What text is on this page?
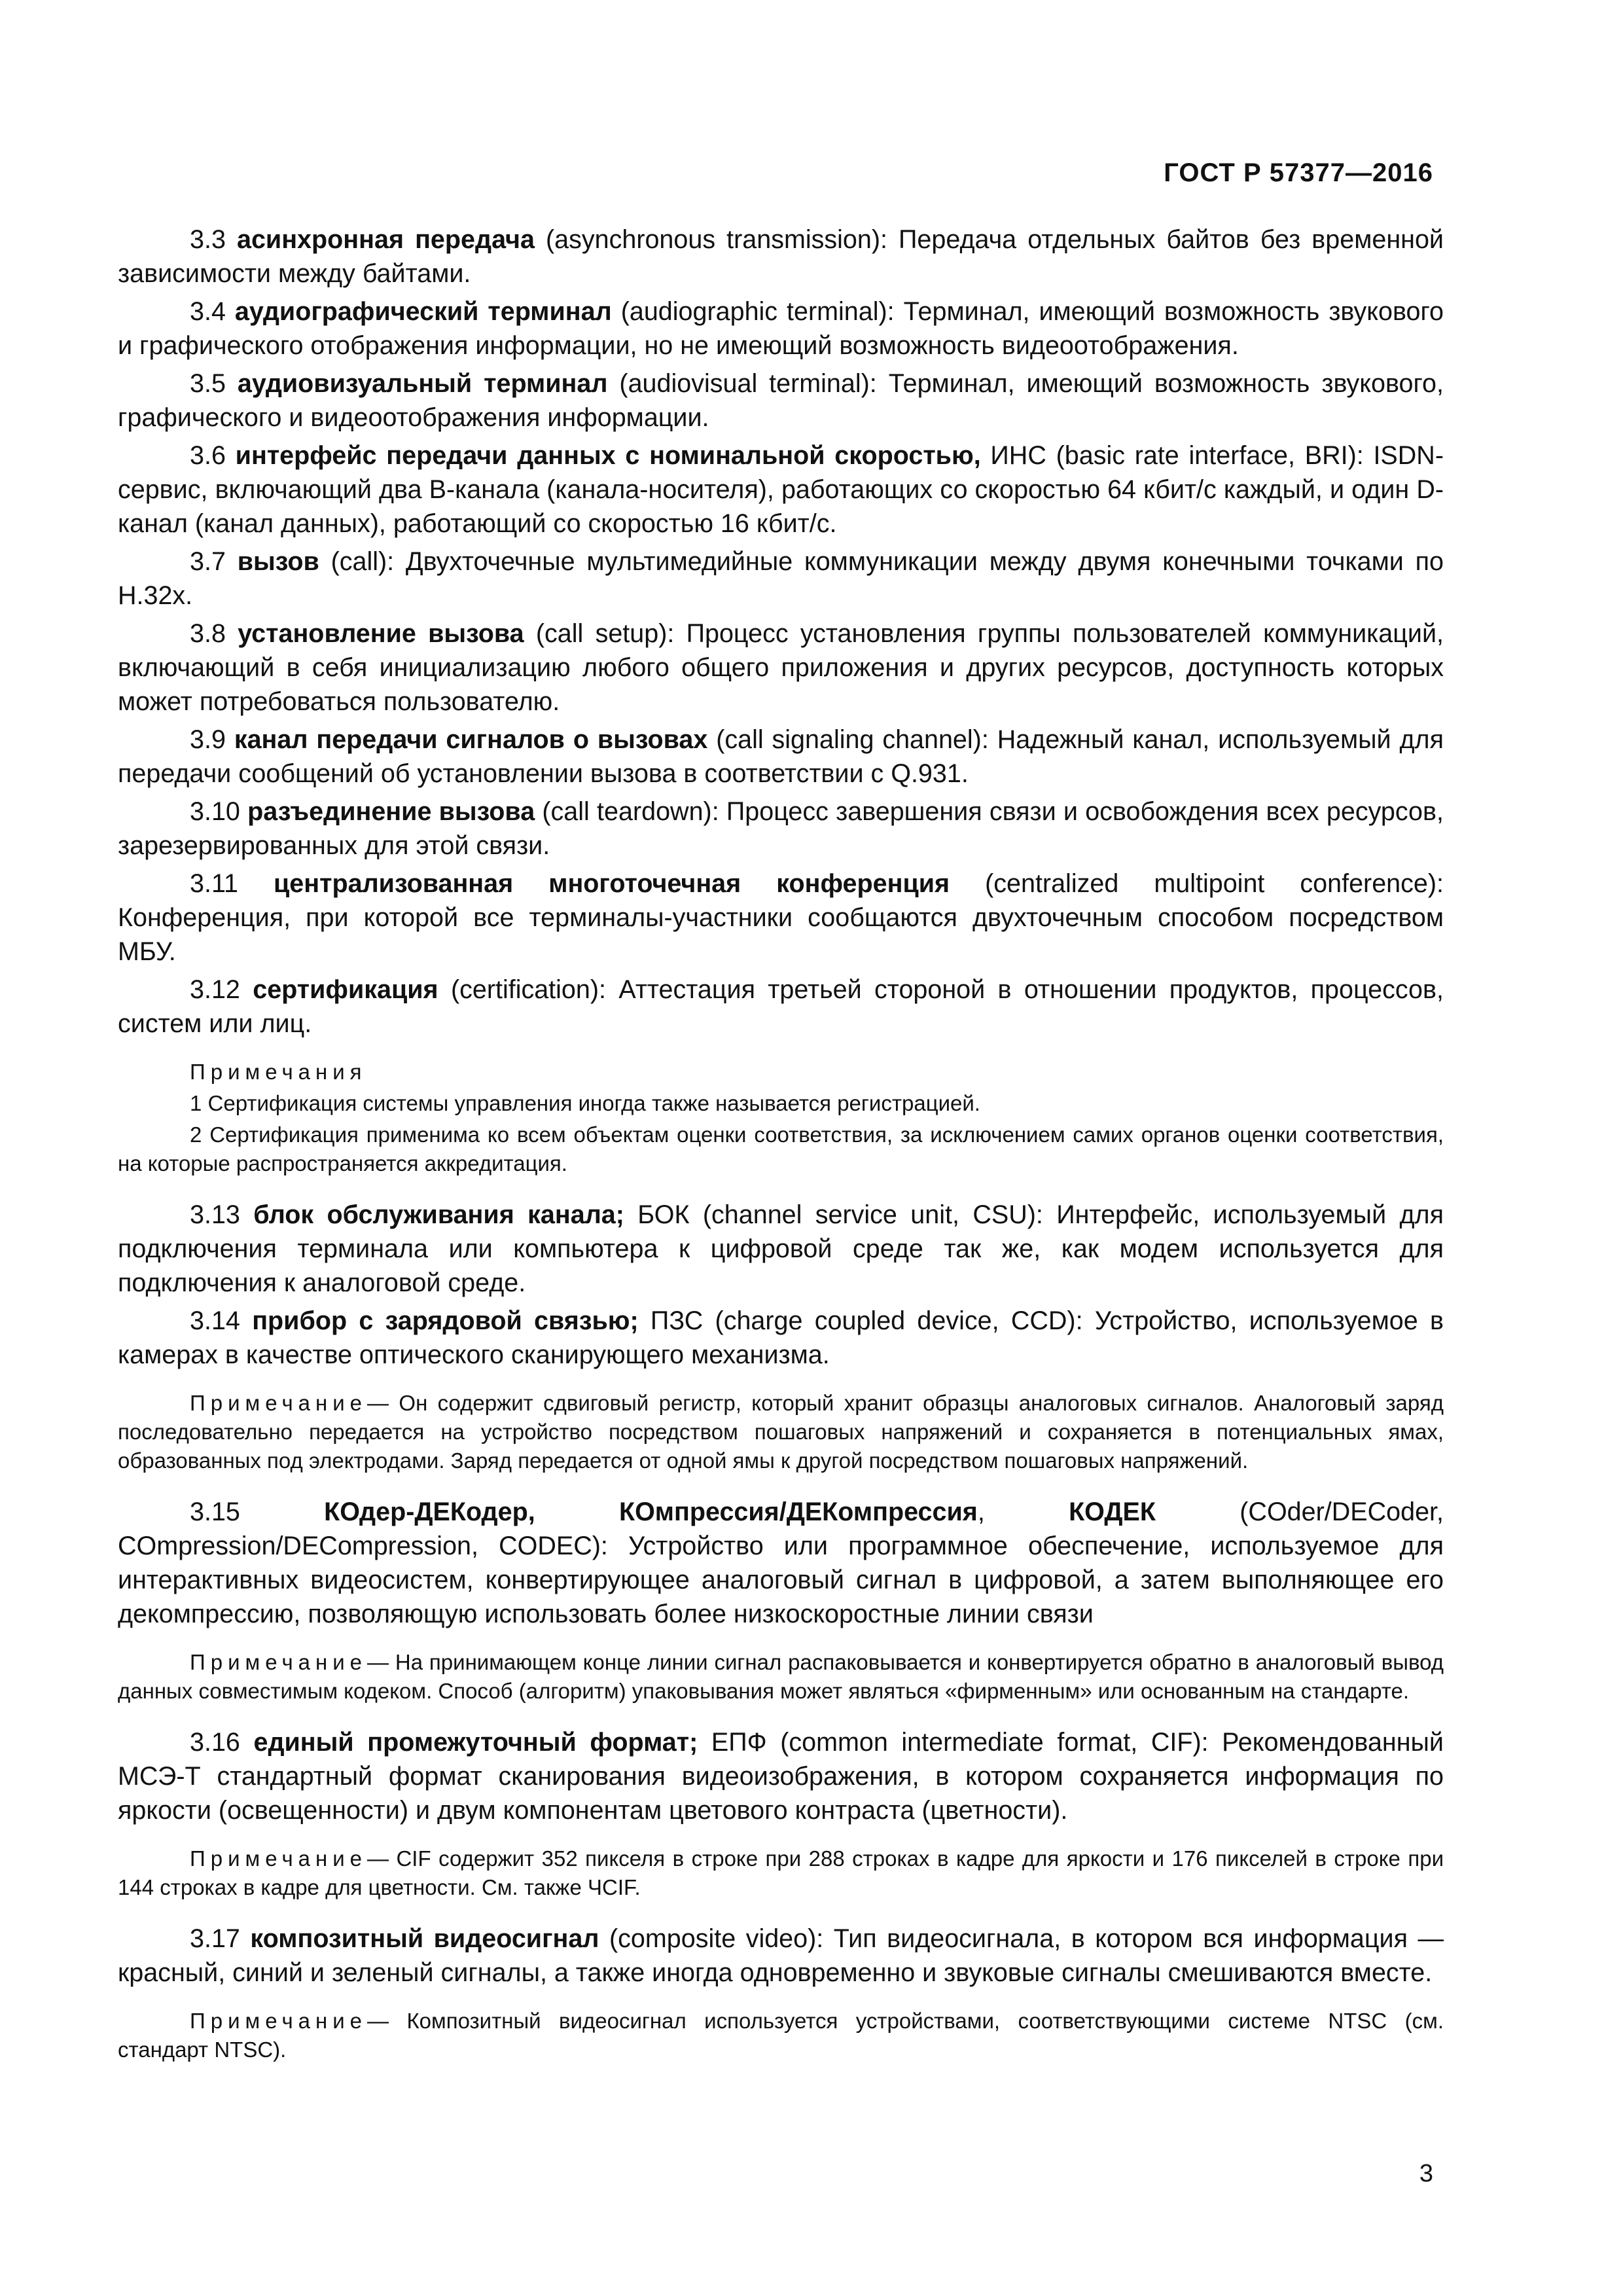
ГОСТ Р 57377—2016

3.3 асинхронная передача (asynchronous transmission): Передача отдельных байтов без временной зависимости между байтами.

3.4 аудиографический терминал (audiographic terminal): Терминал, имеющий возможность звукового и графического отображения информации, но не имеющий возможность видеоотображения.

3.5 аудиовизуальный терминал (audiovisual terminal): Терминал, имеющий возможность звукового, графического и видеоотображения информации.

3.6 интерфейс передачи данных с номинальной скоростью, ИНС (basic rate interface, BRI): ISDN-сервис, включающий два B-канала (канала-носителя), работающих со скоростью 64 кбит/с каждый, и один D-канал (канал данных), работающий со скоростью 16 кбит/с.

3.7 вызов (call): Двухточечные мультимедийные коммуникации между двумя конечными точками по H.32x.

3.8 установление вызова (call setup): Процесс установления группы пользователей коммуникаций, включающий в себя инициализацию любого общего приложения и других ресурсов, доступность которых может потребоваться пользователю.

3.9 канал передачи сигналов о вызовах (call signaling channel): Надежный канал, используемый для передачи сообщений об установлении вызова в соответствии с Q.931.

3.10 разъединение вызова (call teardown): Процесс завершения связи и освобождения всех ресурсов, зарезервированных для этой связи.

3.11 централизованная многоточечная конференция (centralized multipoint conference): Конференция, при которой все терминалы-участники сообщаются двухточечным способом посредством МБУ.

3.12 сертификация (certification): Аттестация третьей стороной в отношении продуктов, процессов, систем или лиц.

Примечания

1 Сертификация системы управления иногда также называется регистрацией.

2 Сертификация применима ко всем объектам оценки соответствия, за исключением самих органов оценки соответствия, на которые распространяется аккредитация.

3.13 блок обслуживания канала; БОК (channel service unit, CSU): Интерфейс, используемый для подключения терминала или компьютера к цифровой среде так же, как модем используется для подключения к аналоговой среде.

3.14 прибор с зарядовой связью; ПЗС (charge coupled device, CCD): Устройство, используемое в камерах в качестве оптического сканирующего механизма.

Примечание— Он содержит сдвиговый регистр, который хранит образцы аналоговых сигналов. Аналоговый заряд последовательно передается на устройство посредством пошаговых напряжений и сохраняется в потенциальных ямах, образованных под электродами. Заряд передается от одной ямы к другой посредством пошаговых напряжений.

3.15	КОдер-ДЕКодер, КОмпрессия/ДЕКомпрессия, КОДЕК (COder/DECoder, COmpression/DECompression, CODEC): Устройство или программное обеспечение, используемое для интерактивных видеосистем, конвертирующее аналоговый сигнал в цифровой, а затем выполняющее его декомпрессию, позволяющую использовать более низкоскоростные линии связи

Примечание— На принимающем конце линии сигнал распаковывается и конвертируется обратно в аналоговый вывод данных совместимым кодеком. Способ (алгоритм) упаковывания может являться «фирменным» или основанным на стандарте.

3.16 единый промежуточный формат; ЕПФ (common intermediate format, CIF): Рекомендованный МСЭ-Т стандартный формат сканирования видеоизображения, в котором сохраняется информация по яркости (освещенности) и двум компонентам цветового контраста (цветности).

Примечание— CIF содержит 352 пикселя в строке при 288 строках в кадре для яркости и 176 пикселей в строке при 144 строках в кадре для цветности. См. также ЧCIF.

3.17 композитный видеосигнал (composite video): Тип видеосигнала, в котором вся информация — красный, синий и зеленый сигналы, а также иногда одновременно и звуковые сигналы смешиваются вместе.

Примечание— Композитный видеосигнал используется устройствами, соответствующими системе NTSC (см. стандарт NTSC).

3
